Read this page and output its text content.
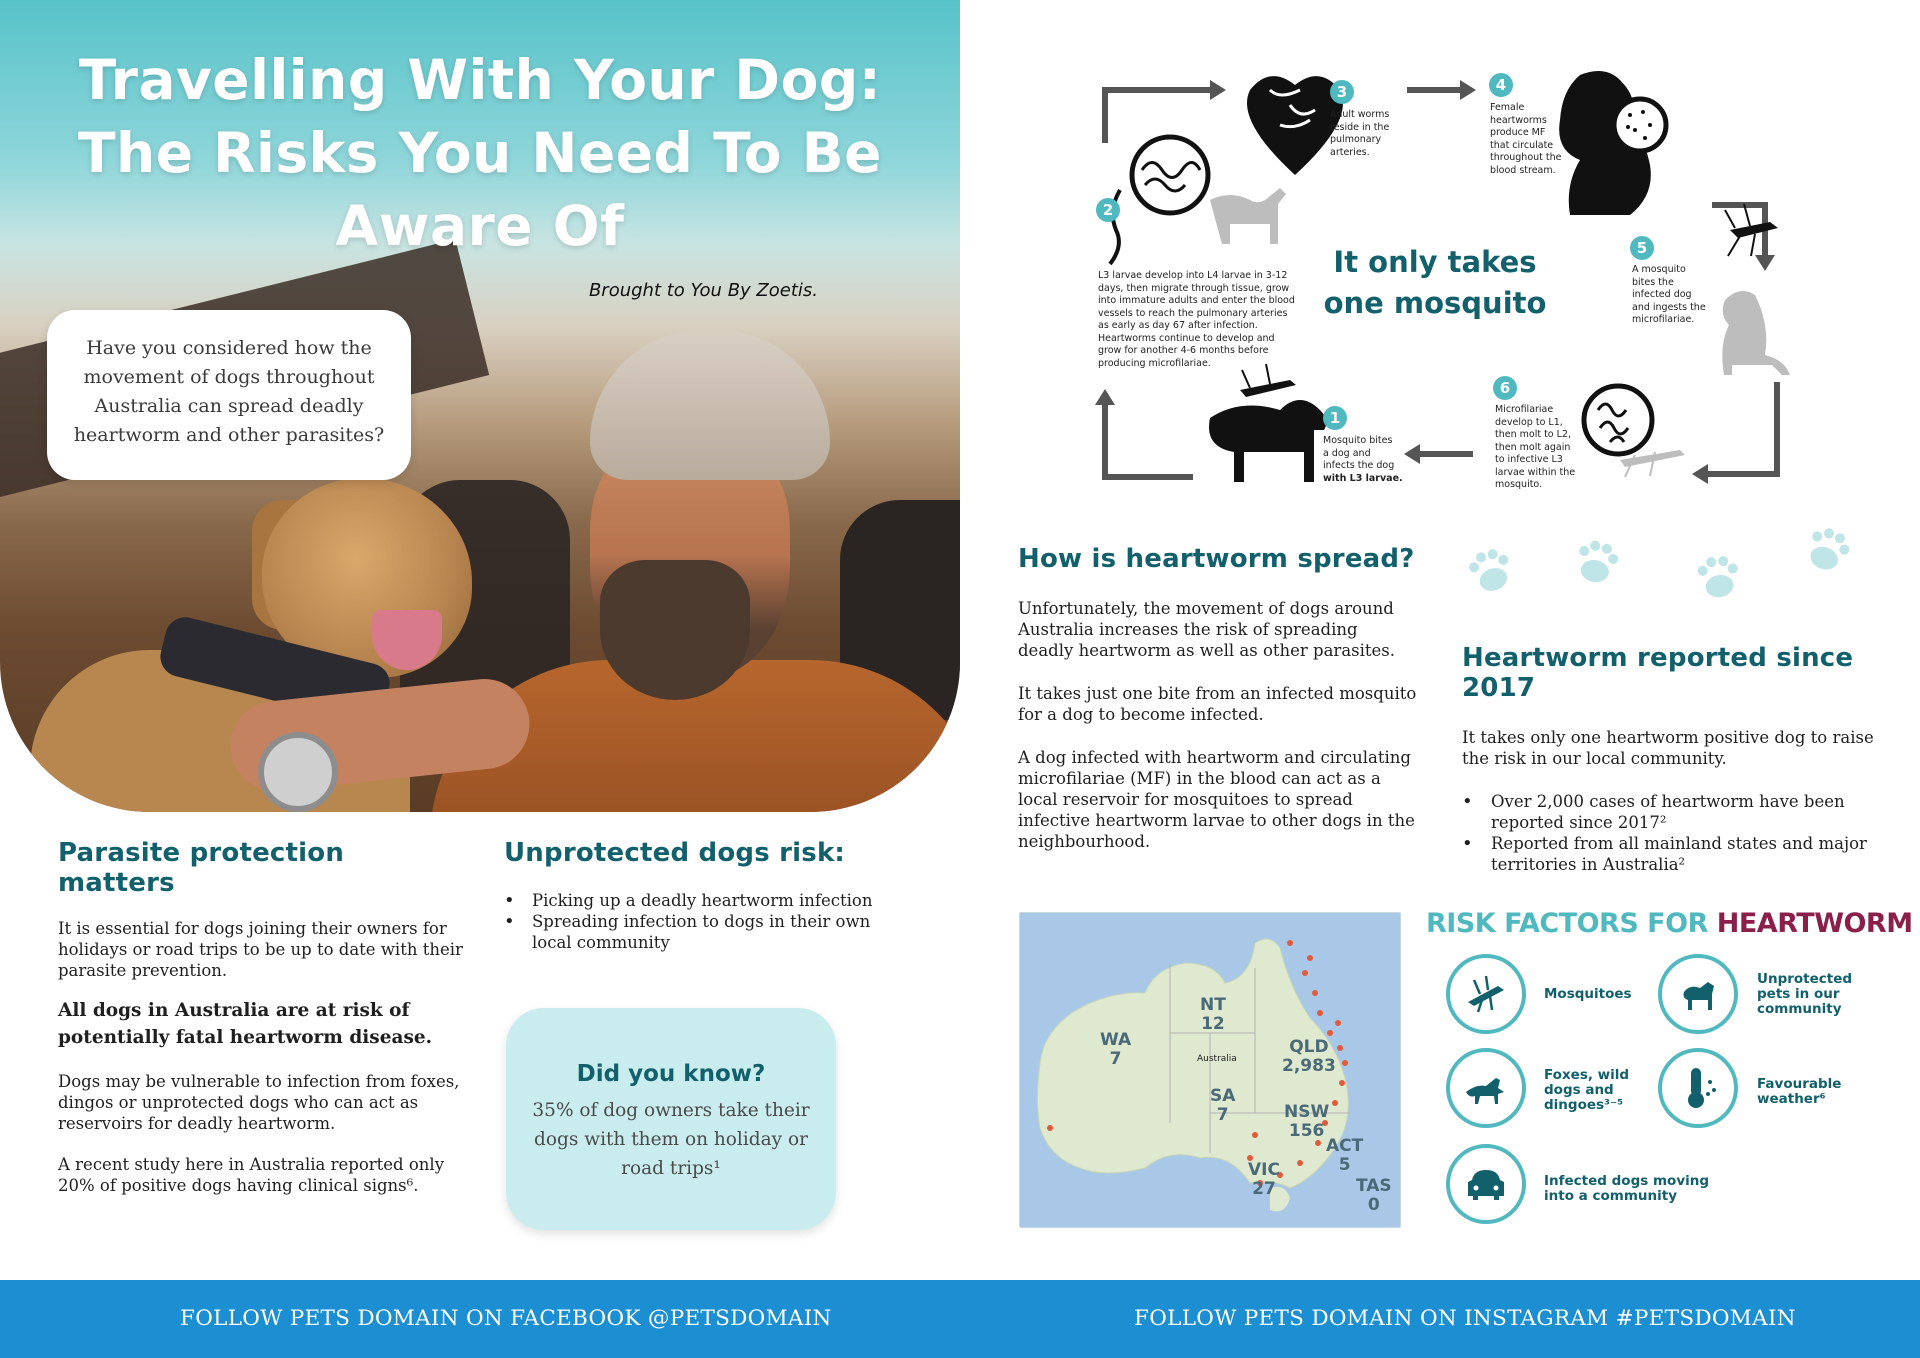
Travelling With Your Dog:
The Risks You Need To Be
Aware Of
Brought to You By Zoetis.
Have you considered how the movement of dogs throughout Australia can spread deadly heartworm and other parasites?
Parasite protection matters

It is essential for dogs joining their owners for holidays or road trips to be up to date with their parasite prevention.

All dogs in Australia are at risk of potentially fatal heartworm disease.

Dogs may be vulnerable to infection from foxes, dingos or unprotected dogs who can act as reservoirs for deadly heartworm.

A recent study here in Australia reported only 20% of positive dogs having clinical signs⁶.

Unprotected dogs risk:
• Picking up a deadly heartworm infection
• Spreading infection to dogs in their own local community
Did you know?
35% of dog owners take their dogs with them on holiday or road trips¹
2
L3 larvae develop into L4 larvae in 3-12
days, then migrate through tissue, grow
into immature adults and enter the blood
vessels to reach the pulmonary arteries
as early as day 67 after infection.
Heartworms continue to develop and
grow for another 4-6 months before
producing microfilariae.
3
Adult worms
reside in the
pulmonary
arteries.
4
Female
heartworms
produce MF
that circulate
throughout the
blood stream.
5
A mosquito
bites the
infected dog
and ingests the
microfilariae.
6
Microfilariae
develop to L1,
then molt to L2,
then molt again
to infective L3
larvae within the
mosquito.
1
Mosquito bites
a dog and
infects the dog
with L3 larvae.
It only takes
one mosquito
How is heartworm spread?

Unfortunately, the movement of dogs around Australia increases the risk of spreading deadly heartworm as well as other parasites.

It takes just one bite from an infected mosquito for a dog to become infected.

A dog infected with heartworm and circulating microfilariae (MF) in the blood can act as a local reservoir for mosquitoes to spread infective heartworm larvae to other dogs in the neighbourhood.

Heartworm reported since 2017

It takes only one heartworm positive dog to raise the risk in our local community.

• Over 2,000 cases of heartworm have been reported since 2017²
• Reported from all mainland states and major territories in Australia²
WA
7
NT
12
QLD
2,983
SA
7	NSW
156
ACT
5
VIC
27	TAS
0
Australia
RISK FACTORS FOR HEARTWORM
Mosquitoes
Unprotected
pets in our
community
Foxes, wild
dogs and
dingoes³⁻⁵
Favourable
weather⁶
Infected dogs moving
into a community
FOLLOW PETS DOMAIN ON FACEBOOK @PETSDOMAIN	FOLLOW PETS DOMAIN ON INSTAGRAM #PETSDOMAIN
